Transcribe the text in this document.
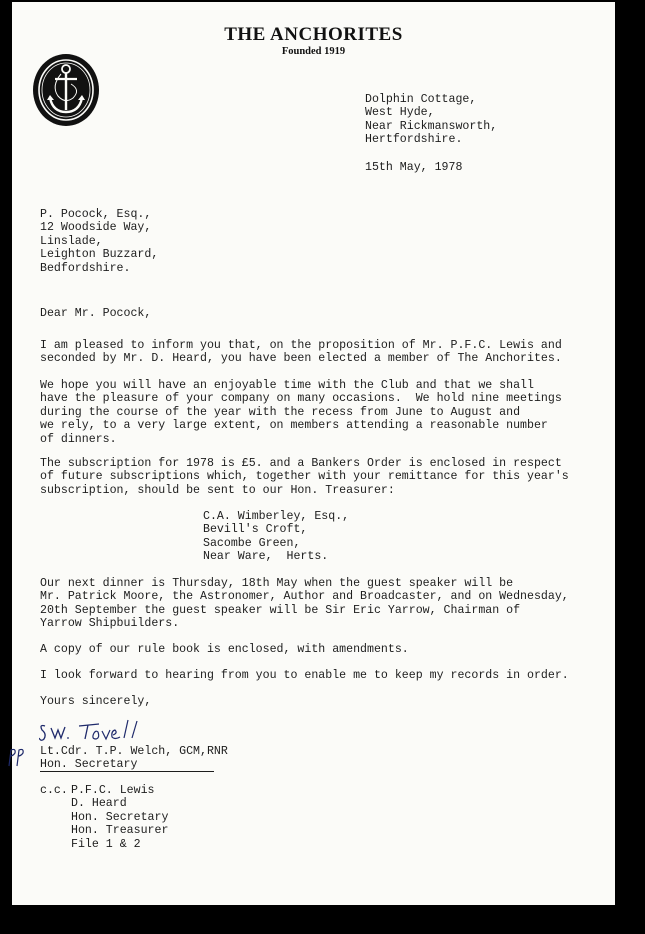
THE ANCHORITES
Founded 1919
Dolphin Cottage,
West Hyde,
Near Rickmansworth,
Hertfordshire.
15th May, 1978
P. Pocock, Esq.,
12 Woodside Way,
Linslade,
Leighton Buzzard,
Bedfordshire.
Dear Mr. Pocock,
I am pleased to inform you that, on the proposition of Mr. P.F.C. Lewis and
seconded by Mr. D. Heard, you have been elected a member of The Anchorites.
We hope you will have an enjoyable time with the Club and that we shall
have the pleasure of your company on many occasions.  We hold nine meetings
during the course of the year with the recess from June to August and
we rely, to a very large extent, on members attending a reasonable number
of dinners.
The subscription for 1978 is £5. and a Bankers Order is enclosed in respect
of future subscriptions which, together with your remittance for this year's
subscription, should be sent to our Hon. Treasurer:
C.A. Wimberley, Esq.,
Bevill's Croft,
Sacombe Green,
Near Ware,  Herts.
Our next dinner is Thursday, 18th May when the guest speaker will be
Mr. Patrick Moore, the Astronomer, Author and Broadcaster, and on Wednesday,
20th September the guest speaker will be Sir Eric Yarrow, Chairman of
Yarrow Shipbuilders.
A copy of our rule book is enclosed, with amendments.
I look forward to hearing from you to enable me to keep my records in order.
Yours sincerely,
Lt.Cdr. T.P. Welch, GCM,RNR
Hon. Secretary
c.c. P.F.C. Lewis
D. Heard
Hon. Secretary
Hon. Treasurer
File 1 & 2
